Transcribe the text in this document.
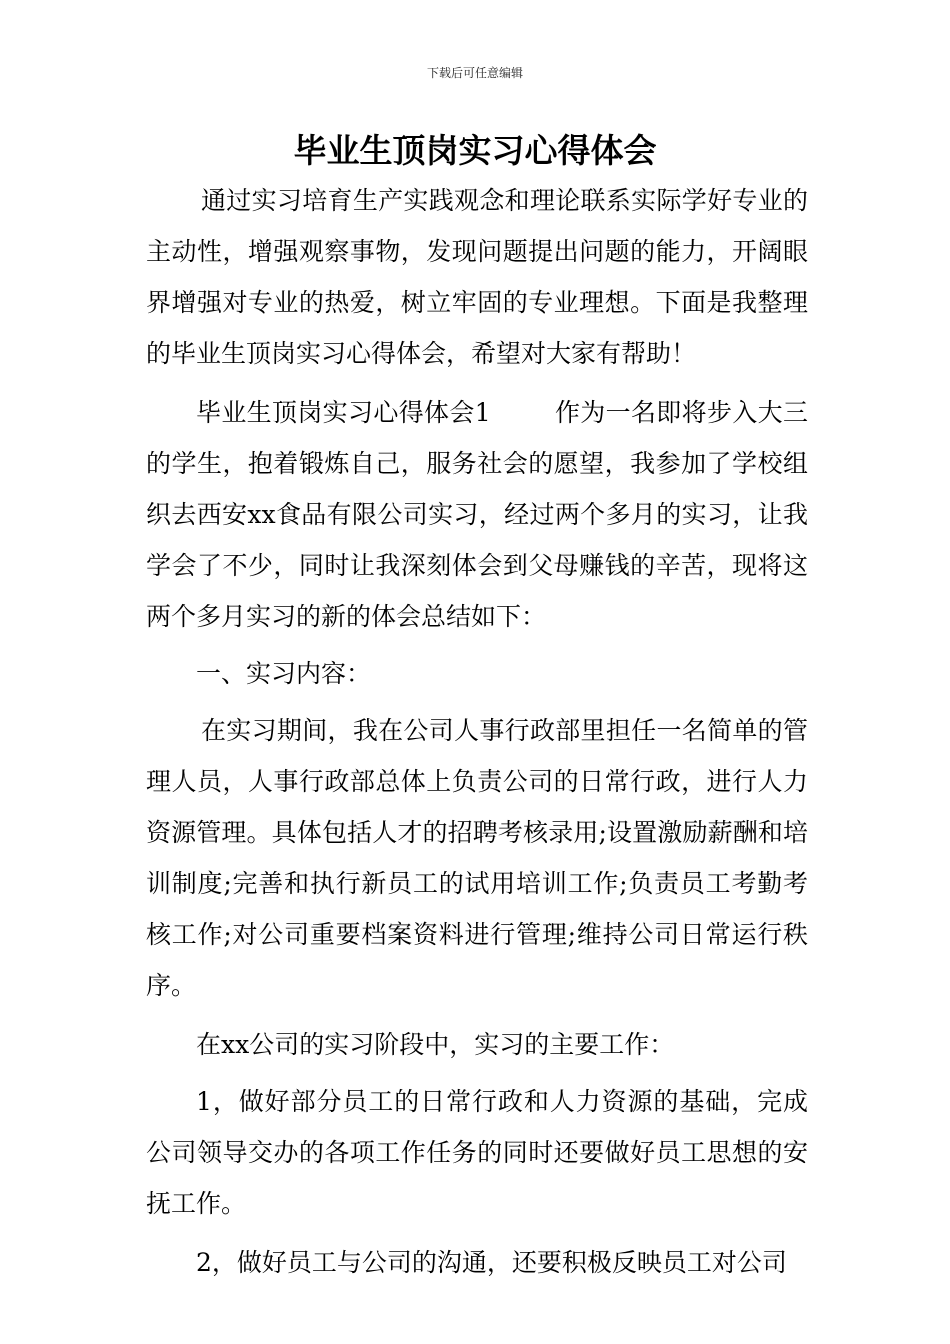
下载后可任意编辑
毕业生顶岗实习心得体会

通过实习培育生产实践观念和理论联系实际学好专业的主动性，增强观察事物，发现问题提出问题的能力，开阔眼界增强对专业的热爱，树立牢固的专业理想。下面是我整理的毕业生顶岗实习心得体会，希望对大家有帮助！

毕业生顶岗实习心得体会1	作为一名即将步入大三的学生，抱着锻炼自己，服务社会的愿望，我参加了学校组织去西安xx食品有限公司实习，经过两个多月的实习，让我学会了不少，同时让我深刻体会到父母赚钱的辛苦，现将这两个多月实习的新的体会总结如下：

一、实习内容：

在实习期间，我在公司人事行政部里担任一名简单的管理人员，人事行政部总体上负责公司的日常行政，进行人力资源管理。具体包括人才的招聘考核录用;设置激励薪酬和培训制度;完善和执行新员工的试用培训工作;负责员工考勤考核工作;对公司重要档案资料进行管理;维持公司日常运行秩序。

在xx公司的实习阶段中，实习的主要工作：

1，做好部分员工的日常行政和人力资源的基础，完成公司领导交办的各项工作任务的同时还要做好员工思想的安抚工作。

2，做好员工与公司的沟通，还要积极反映员工对公司
